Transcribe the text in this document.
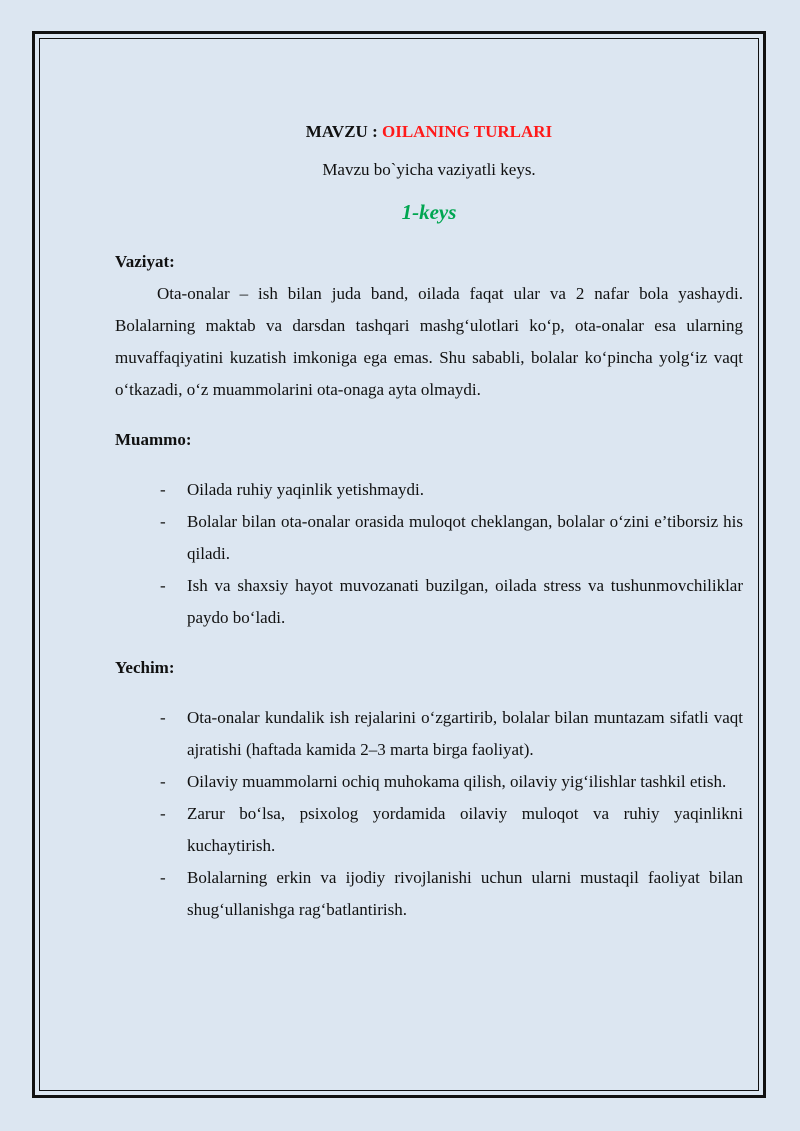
MAVZU : OILANING TURLARI
Mavzu bo`yicha vaziyatli keys.
1-keys
Vaziyat:

Ota-onalar – ish bilan juda band, oilada faqat ular va 2 nafar bola yashaydi. Bolalarning maktab va darsdan tashqari mashg‘ulotlari ko‘p, ota-onalar esa ularning muvaffaqiyatini kuzatish imkoniga ega emas. Shu sababli, bolalar ko‘pincha yolg‘iz vaqt o‘tkazadi, o‘z muammolarini ota-onaga ayta olmaydi.

Muammo:
- Oilada ruhiy yaqinlik yetishmaydi.
- Bolalar bilan ota-onalar orasida muloqot cheklangan, bolalar o‘zini e’tiborsiz his qiladi.
- Ish va shaxsiy hayot muvozanati buzilgan, oilada stress va tushunmovchiliklar paydo bo‘ladi.
Yechim:
- Ota-onalar kundalik ish rejalarini o‘zgartirib, bolalar bilan muntazam sifatli vaqt ajratishi (haftada kamida 2–3 marta birga faoliyat).
- Oilaviy muammolarni ochiq muhokama qilish, oilaviy yig‘ilishlar tashkil etish.
- Zarur bo‘lsa, psixolog yordamida oilaviy muloqot va ruhiy yaqinlikni kuchaytirish.
- Bolalarning erkin va ijodiy rivojlanishi uchun ularni mustaqil faoliyat bilan shug‘ullanishga rag‘batlantirish.
